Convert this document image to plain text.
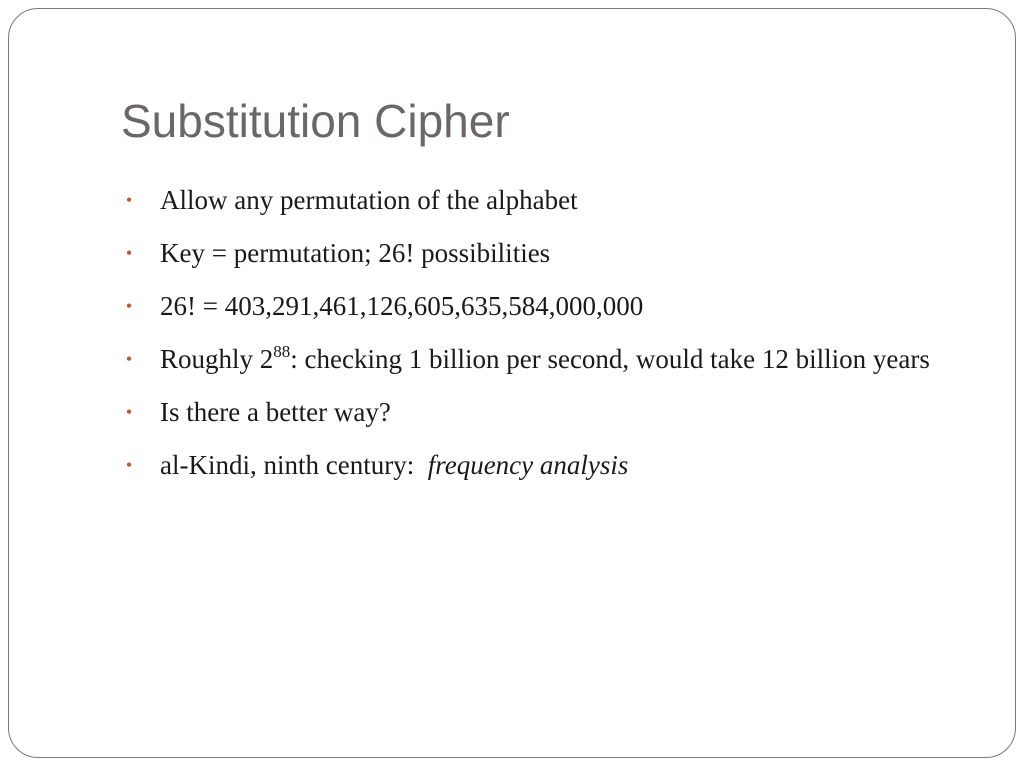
Substitution Cipher
• Allow any permutation of the alphabet
• Key = permutation; 26! possibilities
• 26! = 403,291,461,126,605,635,584,000,000
• Roughly $2^{88}$: checking 1 billion per second, would take 12 billion years
• Is there a better way?
• al-Kindi, ninth century:  frequency analysis
